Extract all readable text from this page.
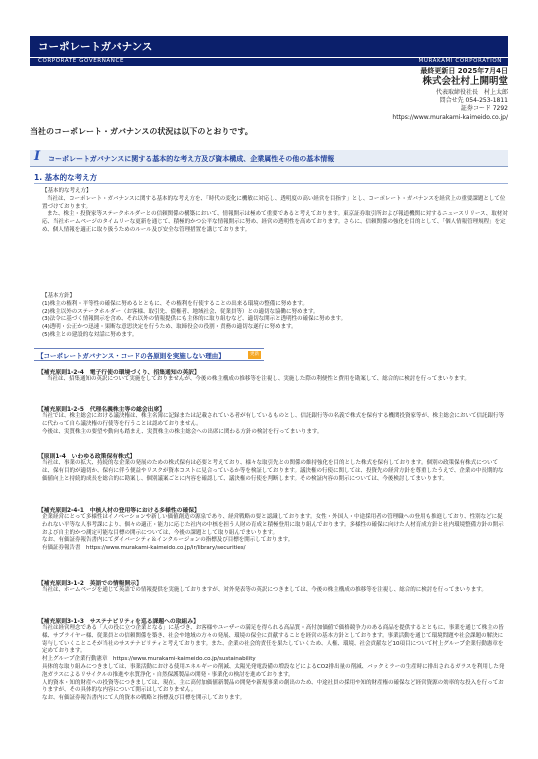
コーポレートガバナンス
CORPORATE GOVERNANCE	MURAKAMI CORPORATION
最終更新日 2025年7月4日
株式会社村上開明堂
代表取締役社長　村上太郎
問合せ先 054-253-1811
証券コード 7292
https://www.murakami-kaimeido.co.jp/
当社のコーポレート・ガバナンスの状況は以下のとおりです。
I コーポレートガバナンスに関する基本的な考え方及び資本構成、企業属性その他の基本情報
1. 基本的な考え方
【基本的な考え方】
当社は、コーポレート・ガバナンスに関する基本的な考え方を、「時代の変化に機敏に対応し、透明度の高い経営を目指す」とし、コーポレート・ガバナンスを経営上の重要課題として位置づけております。
また、株主・投資家等ステークホルダーとの信頼関係の構築において、情報開示は極めて重要であると考えております。東京証券取引所および報道機関に対するニュースリリース、取材対応、当社ホームページのタイムリーな更新を通じて、積極的かつ公平な情報開示に努め、経営の透明性を高めております。さらに、信頼関係の強化を目的として、「個人情報管理規程」を定め、個人情報を適正に取り扱うためのルール及び安全な管理措置を講じております。
【基本方針】
(1)株主の権利・平等性の確保に努めるとともに、その権利を行使することの出来る環境の整備に努めます。
(2)株主以外のステークホルダー（お客様、取引先、債権者、地域社会、従業員等）との適切な協働に努めます。
(3)法令に基づく情報開示を含め、それ以外の情報提供にも主体的に取り組むなど、適切な開示と透明性の確保に努めます。
(4)透明・公正かつ迅速・果断な意思決定を行うため、取締役会の役割・責務の適切な遂行に努めます。
(5)株主との建設的な対話に努めます。
【コーポレートガバナンス・コードの各原則を実施しない理由】	更新
【補充原則1-2-4　電子行使の環境づくり、招集通知の英訳】
当社は、招集通知の英訳について実施をしておりませんが、今後の株主構成の推移等を注視し、実施した際の利便性と費用を勘案して、総合的に検討を行ってまいります。
【補充原則1-2-5　代理名義株主等の総会出席】
当社では、株主総会における議決権は、株主名簿に記録または記載されている者が有しているものとし、信託銀行等の名義で株式を保有する機関投資家等が、株主総会において信託銀行等に代わって自ら議決権の行使等を行うことは認めておりません。
今後は、実質株主の要望や動向も踏まえ、実質株主の株主総会への出席に関わる方針の検討を行ってまいります。
【原則1-4　いわゆる政策保有株式】
当社は、事業の拡大、持続的な企業の発展のための株式保有は必要と考えており、様々な取引先との関係の維持強化を目的とした株式を保有しております。個別の政策保有株式については、保有目的が適切か、保有に伴う便益やリスクが資本コストに見合っているか等を検証しております。議決権の行使に関しては、投資先の経営方針を尊重したうえで、企業の中長期的な価値向上と持続的成長を総合的に勘案し、個別議案ごとに内容を確認して、議決権の行使を判断します。その検証内容の開示については、今後検討してまいります。
【補充原則2-4-1　中核人材の登用等における多様性の確保】
企業経営にとって多様性はイノベーションや新しい価値創造の源泉であり、経営戦略の要と認識しております。女性・外国人・中途採用者の管理職への登用も推進しており、性別などに捉われない平等な人事考課により、個々の適正・能力に応じた社内の中核を担う人財の育成と積極登用に取り組んでおります。多様性の確保に向けた人材育成方針と社内環境整備方針の開示および自主的かつ測定可能な目標の開示については、今後の課題として取り組んでまいります。
なお、有価証券報告書内にてダイバーシティ＆インクルージョンの指標及び目標を開示しております。
有価証券報告書　https://www.murakami-kaimeido.co.jp/ir/library/securities/
【補充原則3-1-2　英語での情報開示】
当社は、ホームページを通じて英語での情報提供を実施しておりますが、対外発表等の英訳につきましては、今後の株主構成の推移等を注視し、総合的に検討を行ってまいります。
【補充原則3-1-3　サステナビリティを巡る課題への取組み】
当社は経営理念である「人の役に立つ企業となる」に基づき、お客様やユーザーの満足を得られる高品質・高付加価値で価格競争力のある商品を提供するとともに、事業を通じて株主の皆様、サプライヤー様、従業員との信頼関係を築き、社会や地域の方々の発展、環境の保全に貢献することを経営の基本方針としております。事業活動を通じて環境問題や社会課題の解決に寄与していくことこそが当社のサステナビリティと考えております。また、企業の社会的責任を果たしていくため、人権、環境、社会貢献など10項目について村上グループ企業行動憲章を定めております。
村上グループ企業行動憲章　https://www.murakami-kaimeido.co.jp/sustainability
具体的な取り組みにつきましては、事業活動における使用エネルギーの削減、太陽光発電設備の増設などによるCO2排出量の削減、バックミラーの生産時に排出されるガラスを利用した発泡ガラスによるリサイクルの推進や水質浄化・自然保護製品の開発・事業化の検討を進めております。
人的資本・知的財産への投資等につきましては、現在、主に高付加価値新製品の開発や新規事業の創出のため、中途社員の採用や知的財産権の確保など経営資源の効率的な投入を行っておりますが、その具体的な内容について開示はしておりません。
なお、有価証券報告書内にて人的資本の戦略と指標及び目標を開示しております。
